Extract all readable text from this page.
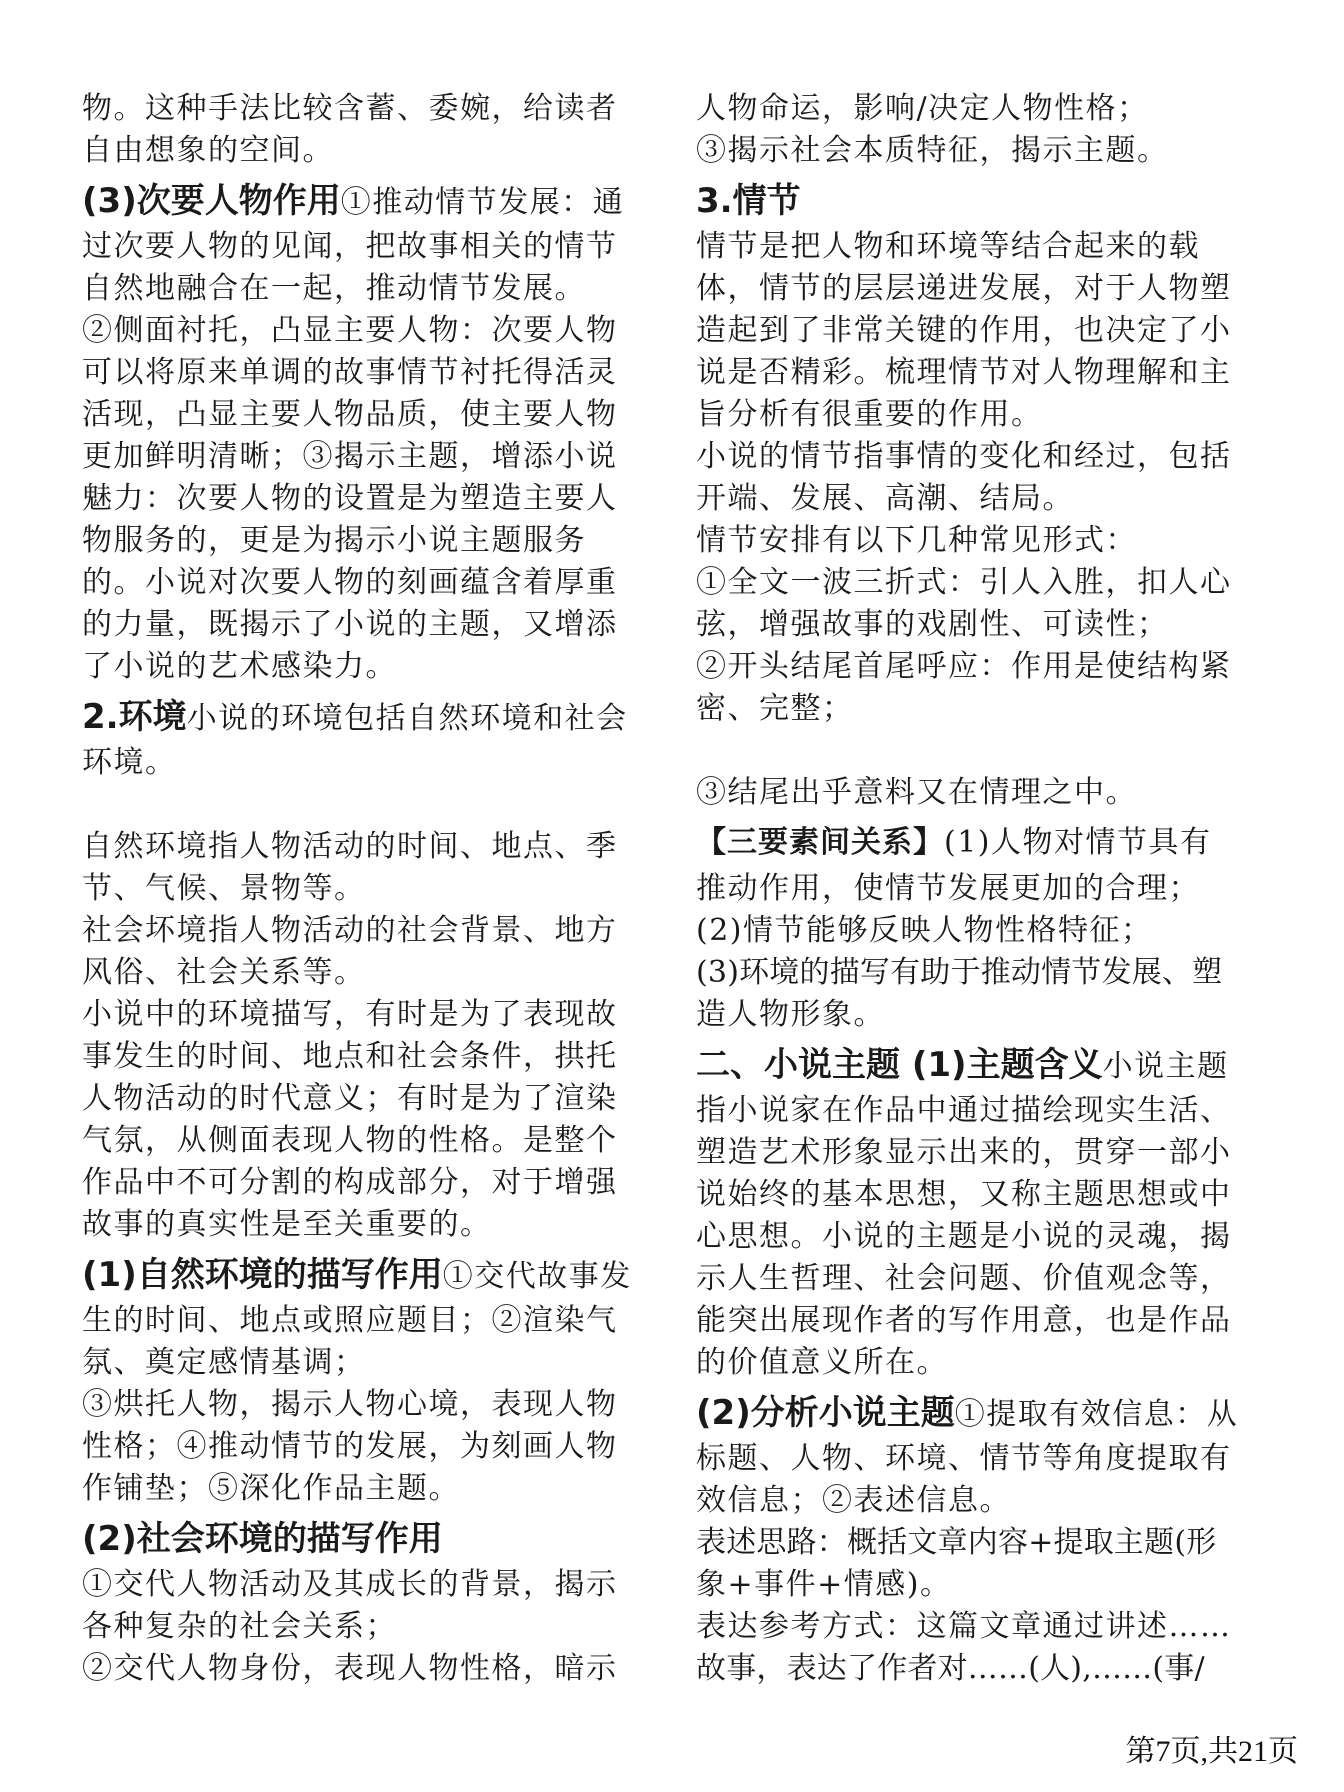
物。这种手法比较含蓄、委婉，给读者

自由想象的空间。

(3)次要人物作用①推动情节发展：通

过次要人物的见闻，把故事相关的情节

自然地融合在一起，推动情节发展。

②侧面衬托，凸显主要人物：次要人物

可以将原来单调的故事情节衬托得活灵

活现，凸显主要人物品质，使主要人物

更加鲜明清晰；③揭示主题，增添小说

魅力：次要人物的设置是为塑造主要人

物服务的，更是为揭示小说主题服务

的。小说对次要人物的刻画蕴含着厚重

的力量，既揭示了小说的主题，又增添

了小说的艺术感染力。

2.环境小说的环境包括自然环境和社会

环境。

自然环境指人物活动的时间、地点、季

节、气候、景物等。

社会坏境指人物活动的社会背景、地方

风俗、社会关系等。

小说中的环境描写，有时是为了表现故

事发生的时间、地点和社会条件，拱托

人物活动的时代意义；有时是为了渲染

气氛，从侧面表现人物的性格。是整个

作品中不可分割的构成部分，对于增强

故事的真实性是至关重要的。

(1)自然环境的描写作用①交代故事发

生的时间、地点或照应题目；②渲染气

氛、奠定感情基调；

③烘托人物，揭示人物心境，表现人物

性格；④推动情节的发展，为刻画人物

作铺垫；⑤深化作品主题。

(2)社会环境的描写作用

①交代人物活动及其成长的背景，揭示

各种复杂的社会关系；

②交代人物身份，表现人物性格，暗示

人物命运，影响/决定人物性格；

③揭示社会本质特征，揭示主题。

3.情节

情节是把人物和环境等结合起来的载

体，情节的层层递进发展，对于人物塑

造起到了非常关键的作用，也决定了小

说是否精彩。梳理情节对人物理解和主

旨分析有很重要的作用。

小说的情节指事情的变化和经过，包括

开端、发展、高潮、结局。

情节安排有以下几种常见形式：

①全文一波三折式：引人入胜，扣人心

弦，增强故事的戏剧性、可读性；

②开头结尾首尾呼应：作用是使结构紧

密、完整；

③结尾出乎意料又在情理之中。

【三要素间关系】(1)人物对情节具有

推动作用，使情节发展更加的合理；

(2)情节能够反映人物性格特征；

(3)环境的描写有助于推动情节发展、塑

造人物形象。

二、小说主题 (1)主题含义小说主题

指小说家在作品中通过描绘现实生活、

塑造艺术形象显示出来的，贯穿一部小

说始终的基本思想，又称主题思想或中

心思想。小说的主题是小说的灵魂，揭

示人生哲理、社会问题、价值观念等，

能突出展现作者的写作用意，也是作品

的价值意义所在。

(2)分析小说主题①提取有效信息：从

标题、人物、环境、情节等角度提取有

效信息；②表述信息。

表述思路：概括文章内容+提取主题(形

象+事件+情感)。

表达参考方式：这篇文章通过讲述……

故事，表达了作者对……(人),……(事/

第7页,共21页
